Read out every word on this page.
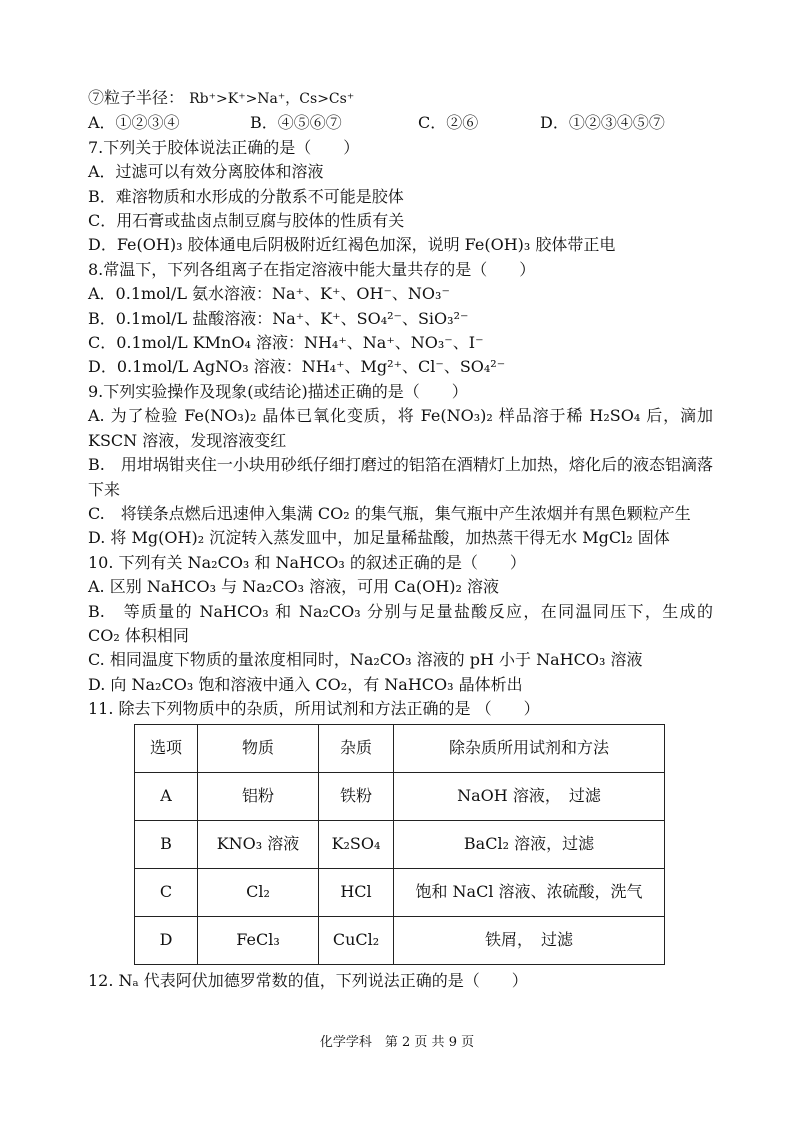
⑦粒子半径： Rb⁺>K⁺>Na⁺，Cs>Cs⁺
A．①②③④	B．④⑤⑥⑦	C．②⑥	D．①②③④⑤⑦
7.下列关于胶体说法正确的是（　　）
A．过滤可以有效分离胶体和溶液
B．难溶物质和水形成的分散系不可能是胶体
C．用石膏或盐卤点制豆腐与胶体的性质有关
D．Fe(OH)₃ 胶体通电后阴极附近红褐色加深，说明 Fe(OH)₃ 胶体带正电
8.常温下，下列各组离子在指定溶液中能大量共存的是（　　）
A．0.1mol/L 氨水溶液：Na⁺、K⁺、OH⁻、NO₃⁻
B．0.1mol/L 盐酸溶液：Na⁺、K⁺、SO₄²⁻、SiO₃²⁻
C．0.1mol/L KMnO₄ 溶液：NH₄⁺、Na⁺、NO₃⁻、I⁻
D．0.1mol/L AgNO₃ 溶液：NH₄⁺、Mg²⁺、Cl⁻、SO₄²⁻
9.下列实验操作及现象(或结论)描述正确的是（　　）
A. 为了检验 Fe(NO₃)₂ 晶体已氧化变质，将 Fe(NO₃)₂ 样品溶于稀 H₂SO₄ 后，滴加 KSCN 溶液，发现溶液变红
B.　用坩埚钳夹住一小块用砂纸仔细打磨过的铝箔在酒精灯上加热，熔化后的液态铝滴落下来
C.　将镁条点燃后迅速伸入集满 CO₂ 的集气瓶，集气瓶中产生浓烟并有黑色颗粒产生
D. 将 Mg(OH)₂ 沉淀转入蒸发皿中，加足量稀盐酸，加热蒸干得无水 MgCl₂ 固体
10. 下列有关 Na₂CO₃ 和 NaHCO₃ 的叙述正确的是（　　）
A. 区别 NaHCO₃ 与 Na₂CO₃ 溶液，可用 Ca(OH)₂ 溶液
B.　等质量的 NaHCO₃ 和 Na₂CO₃ 分别与足量盐酸反应，在同温同压下，生成的　CO₂ 体积相同
C. 相同温度下物质的量浓度相同时，Na₂CO₃ 溶液的 pH 小于 NaHCO₃ 溶液
D. 向 Na₂CO₃ 饱和溶液中通入 CO₂，有 NaHCO₃ 晶体析出
11. 除去下列物质中的杂质，所用试剂和方法正确的是 （　　）
选项	物质	杂质	除杂质所用试剂和方法
A	铝粉	铁粉	NaOH 溶液，　过滤
B	KNO₃ 溶液	K₂SO₄	BaCl₂ 溶液，过滤
C	Cl₂	HCl	饱和 NaCl 溶液、浓硫酸，洗气
D	FeCl₃	CuCl₂	铁屑，　过滤
12. Nₐ 代表阿伏加德罗常数的值，下列说法正确的是（　　）
化学学科　第 2 页 共 9 页
